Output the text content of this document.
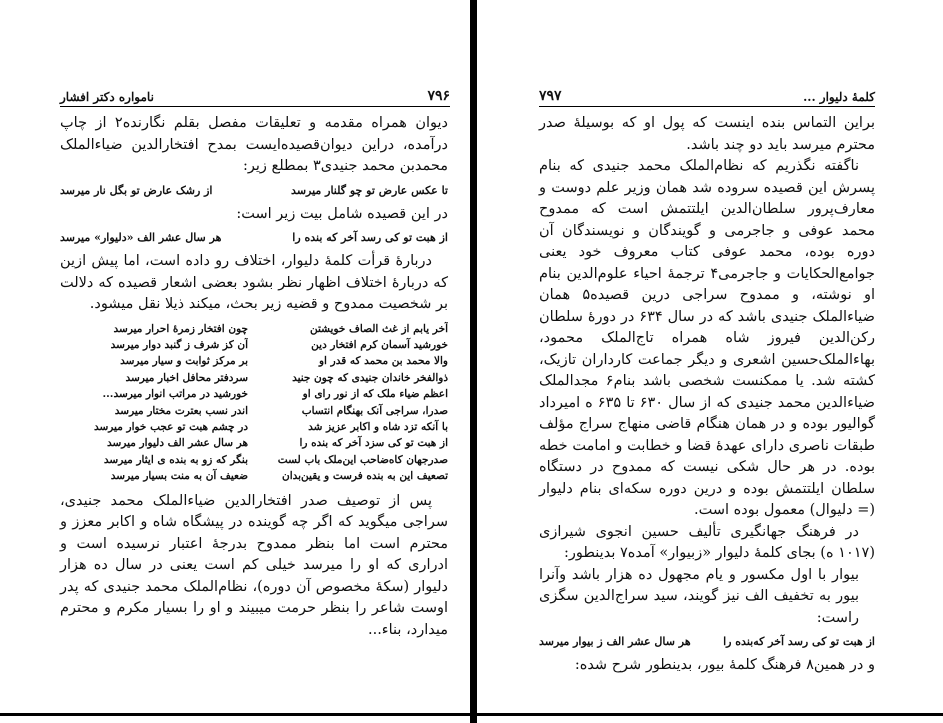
۷۹۶
نامواره دکتر افشار

دیوان همراه مقدمه و تعلیقات مفصل بقلم نگارنده۲ از چاپ درآمده، دراین دیوان‌قصیده‌ایست بمدح افتخارالدین ضیاءالملک محمدبن محمد جنیدی۳ بمطلع زیر:

تا عکس عارض تو چو گلنار میرسد
از رشک عارض تو بگل نار میرسد

در این قصیده شامل بیت زیر است:

از هبت تو کی رسد آخر که بنده را
هر سال عشر الف «دلیوار» میرسد

دربارهٔ قرأت کلمهٔ دلیوار، اختلاف رو داده است، اما پیش ازین که دربارهٔ اختلاف اظهار نظر بشود بعضی اشعار قصیده که دلالت بر شخصیت ممدوح و قضیه زیر بحث، میکند ذیلا نقل میشود.

آخر یابم از غث الصاف خویشتن
چون افتخار زمرهٔ احرار میرسد
خورشید آسمان کرم افتخار دین
آن کز شرف ز گنبد دوار میرسد
والا محمد بن محمد که قدر او
بر مرکز ثوابت و سیار میرسد
ذوالفخر خاندان جنیدی که چون جنید
سردفتر محافل اخبار میرسد
اعظم ضیاء ملک که از نور رای او
خورشید در مراتب انوار میرسد...
صدرا، سراجی آنک بهنگام انتساب
اندر نسب بعترت مختار میرسد
با آنکه تزد شاه و اکابر عزیز شد
در چشم هبت تو عجب خوار میرسد
از هبت تو کی سزد آخر که بنده را
هر سال عشر الف دلیوار میرسد
صدرجهان کاه‌ضاحب این‌ملک باب لست
بنگر که زو به بنده ی ایثار میرسد
تصعیف این به بنده فرست و یقین‌بدان
ضعیف آن به منت بسیار میرسد

پس از توصیف صدر افتخارالدین ضیاءالملک محمد جنیدی، سراجی میگوید که اگر چه گوینده در پیشگاه شاه و اکابر معزز و محترم است اما بنظر ممدوح بدرجهٔ اعتبار نرسیده است و ادراری که او را میرسد خیلی کم است یعنی در سال ده هزار دلیوار (سکهٔ مخصوص آن دوره)، نظام‌الملک محمد جنیدی که پدر اوست شاعر را بنظر حرمت میبیند و او را بسیار مکرم و محترم میدارد، بناء...

کلمهٔ دلیوار ...
۷۹۷

براین التماس بنده اینست که پول او که بوسیلهٔ صدر محترم میرسد باید دو چند باشد.

ناگفته نگذریم که نظام‌الملک محمد جنیدی که بنام پسرش این قصیده سروده شد همان وزیر علم دوست و معارف‌پرور سلطان‌الدین ایلتتمش است که ممدوح محمد عوفی و جاجرمی و گویندگان و نویسندگان آن دوره بوده، محمد عوفی کتاب معروف خود یعنی جوامع‌الحکایات و جاجرمی۴ ترجمهٔ احیاء علوم‌الدین بنام او نوشته، و ممدوح سراجی درین قصیده۵ همان ضیاءالملک جنیدی باشد که در سال ۶۳۴ در دورهٔ سلطان رکن‌الدین فیروز شاه همراه تاج‌الملک محمود، بهاءالملک‌حسین اشعری و دیگر جماعت کارداران تازیک، کشته شد. یا ممکنست شخصی باشد بنام۶ مجدالملک ضیاءالدین محمد جنیدی که از سال ۶۳۰ تا ۶۳۵ ه امیرداد گوالیور بوده و در همان هنگام قاضی منهاج سراج مؤلف طبقات ناصری دارای عهدهٔ قضا و خطابت و امامت خطه بوده. در هر حال شکی نیست که ممدوح در دستگاه سلطان ایلتتمش بوده و درین دوره سکه‌ای بنام دلیوار (= دلیوال) معمول بوده است.

در فرهنگ جهانگیری تألیف حسین انجوی شیرازی (۱۰۱۷ ه) بجای کلمهٔ دلیوار «زبیوار» آمده۷ بدینطور:

بیوار با اول مکسور و یام مجهول ده هزار باشد وآنرا بیور به تخفیف الف نیز گویند، سید سراج‌الدین سگزی راست:

از هبت تو کی رسد آخر که‌بنده را
هر سال عشر الف ز بیوار میرسد

و در همین۸ فرهنگ کلمهٔ بیور، بدینطور شرح شده:
